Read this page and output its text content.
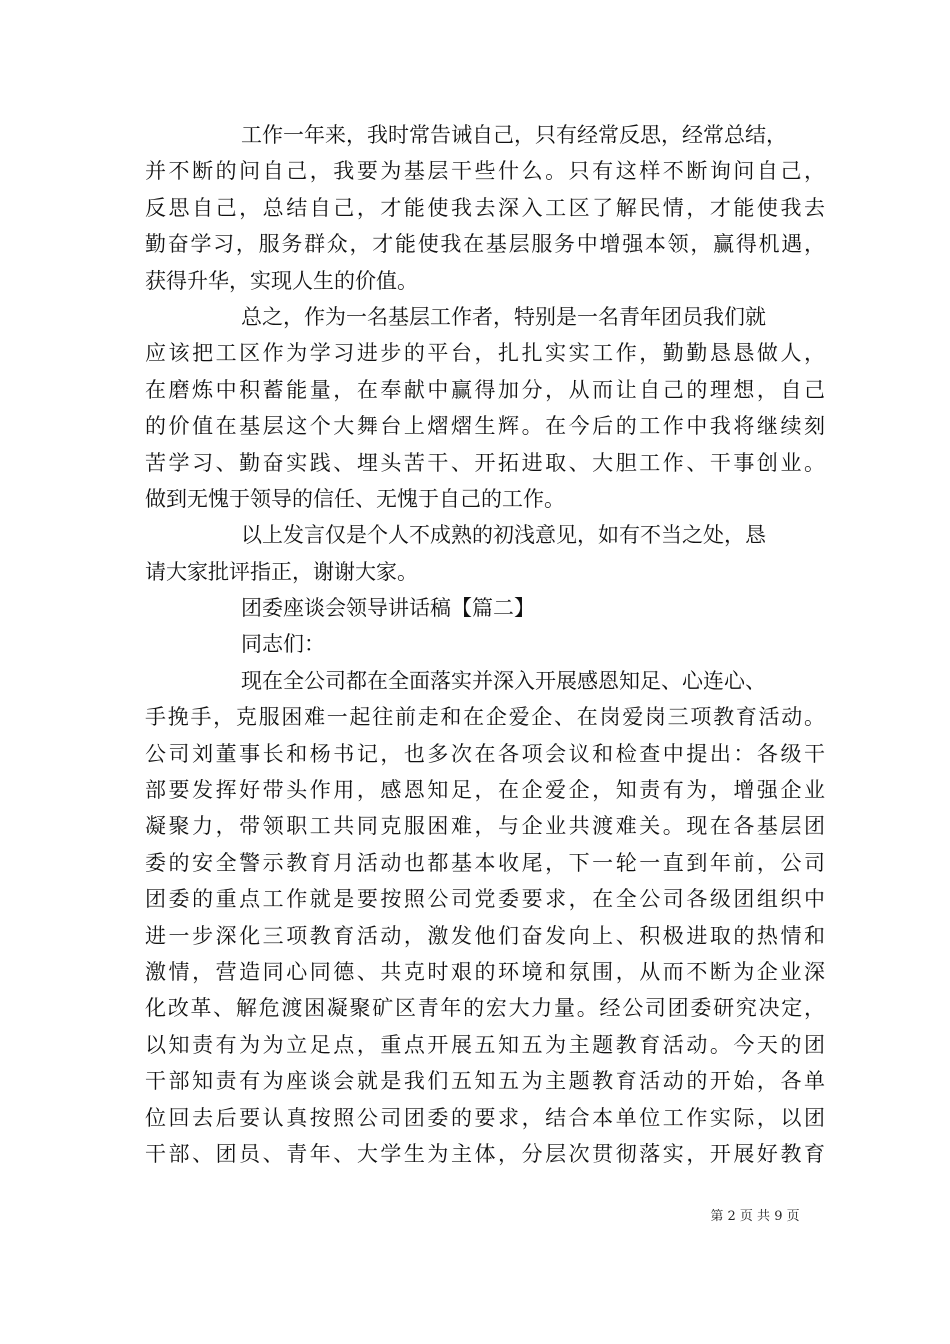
工作一年来，我时常告诫自己，只有经常反思，经常总结，
并不断的问自己，我要为基层干些什么。只有这样不断询问自己，
反思自己，总结自己，才能使我去深入工区了解民情，才能使我去
勤奋学习，服务群众，才能使我在基层服务中增强本领，赢得机遇，
获得升华，实现人生的价值。

总之，作为一名基层工作者，特别是一名青年团员我们就
应该把工区作为学习进步的平台，扎扎实实工作，勤勤恳恳做人，
在磨炼中积蓄能量，在奉献中赢得加分，从而让自己的理想，自己
的价值在基层这个大舞台上熠熠生辉。在今后的工作中我将继续刻
苦学习、勤奋实践、埋头苦干、开拓进取、大胆工作、干事创业。
做到无愧于领导的信任、无愧于自己的工作。

以上发言仅是个人不成熟的初浅意见，如有不当之处，恳
请大家批评指正，谢谢大家。

团委座谈会领导讲话稿【篇二】

同志们：

现在全公司都在全面落实并深入开展感恩知足、心连心、
手挽手，克服困难一起往前走和在企爱企、在岗爱岗三项教育活动。
公司刘董事长和杨书记，也多次在各项会议和检查中提出：各级干
部要发挥好带头作用，感恩知足，在企爱企，知责有为，增强企业
凝聚力，带领职工共同克服困难，与企业共渡难关。现在各基层团
委的安全警示教育月活动也都基本收尾，下一轮一直到年前，公司
团委的重点工作就是要按照公司党委要求，在全公司各级团组织中
进一步深化三项教育活动，激发他们奋发向上、积极进取的热情和
激情，营造同心同德、共克时艰的环境和氛围，从而不断为企业深
化改革、解危渡困凝聚矿区青年的宏大力量。经公司团委研究决定，
以知责有为为立足点，重点开展五知五为主题教育活动。今天的团
干部知责有为座谈会就是我们五知五为主题教育活动的开始，各单
位回去后要认真按照公司团委的要求，结合本单位工作实际，以团
干部、团员、青年、大学生为主体，分层次贯彻落实，开展好教育

第 2 页 共 9 页
